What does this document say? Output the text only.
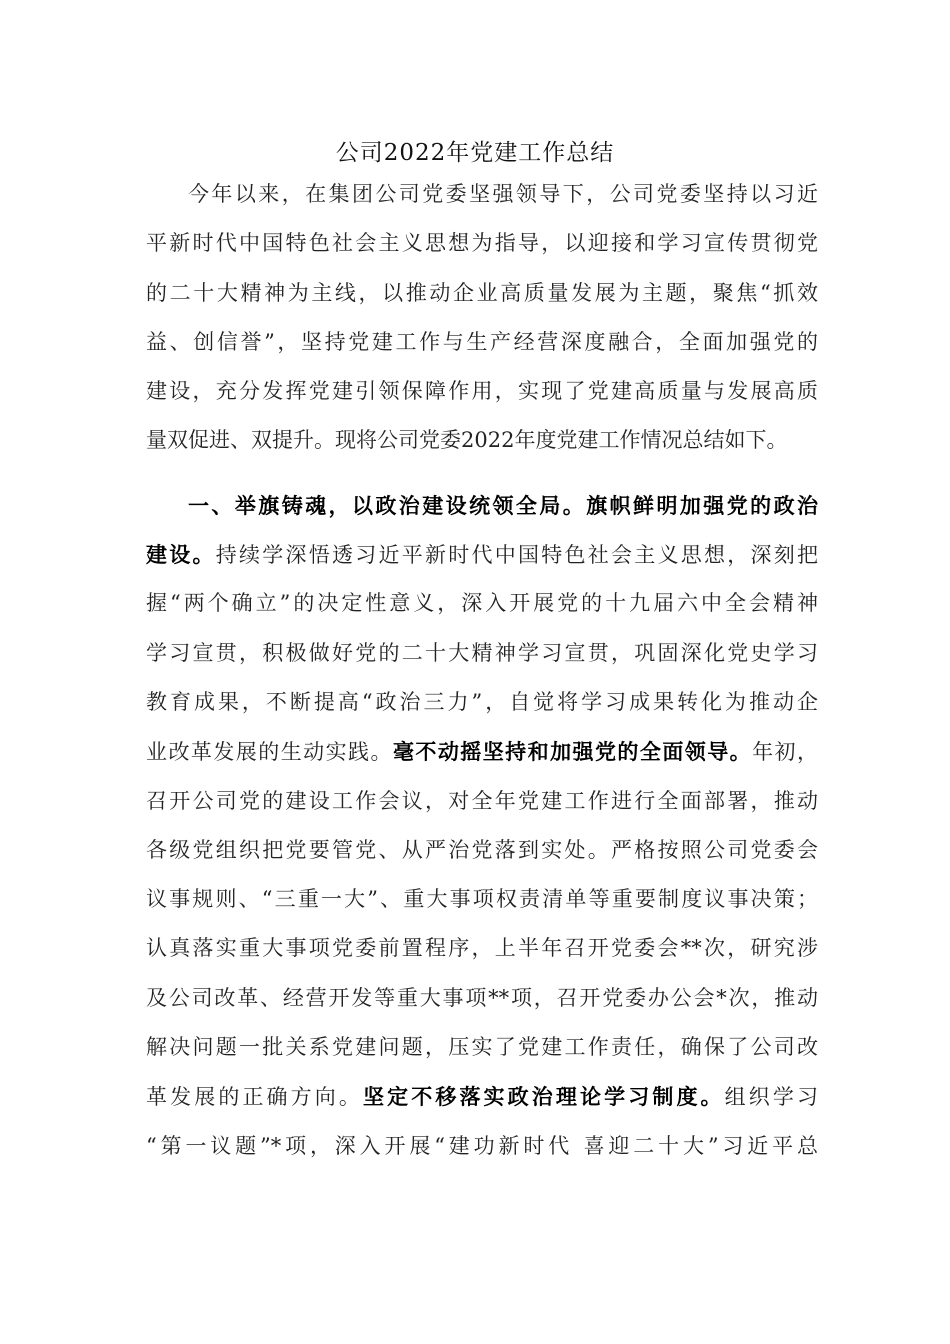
公司2022年党建工作总结
今年以来，在集团公司党委坚强领导下，公司党委坚持以习近
平新时代中国特色社会主义思想为指导，以迎接和学习宣传贯彻党
的二十大精神为主线，以推动企业高质量发展为主题，聚焦“抓效
益、创信誉”，坚持党建工作与生产经营深度融合，全面加强党的
建设，充分发挥党建引领保障作用，实现了党建高质量与发展高质
量双促进、双提升。现将公司党委2022年度党建工作情况总结如下。
一、举旗铸魂，以政治建设统领全局。旗帜鲜明加强党的政治
建设。持续学深悟透习近平新时代中国特色社会主义思想，深刻把
握“两个确立”的决定性意义，深入开展党的十九届六中全会精神
学习宣贯，积极做好党的二十大精神学习宣贯，巩固深化党史学习
教育成果，不断提高“政治三力”，自觉将学习成果转化为推动企
业改革发展的生动实践。毫不动摇坚持和加强党的全面领导。年初，
召开公司党的建设工作会议，对全年党建工作进行全面部署，推动
各级党组织把党要管党、从严治党落到实处。严格按照公司党委会
议事规则、“三重一大”、重大事项权责清单等重要制度议事决策；
认真落实重大事项党委前置程序，上半年召开党委会**次，研究涉
及公司改革、经营开发等重大事项**项，召开党委办公会*次，推动
解决问题一批关系党建问题，压实了党建工作责任，确保了公司改
革发展的正确方向。坚定不移落实政治理论学习制度。组织学习
“第一议题”*项，深入开展“建功新时代 喜迎二十大”习近平总
